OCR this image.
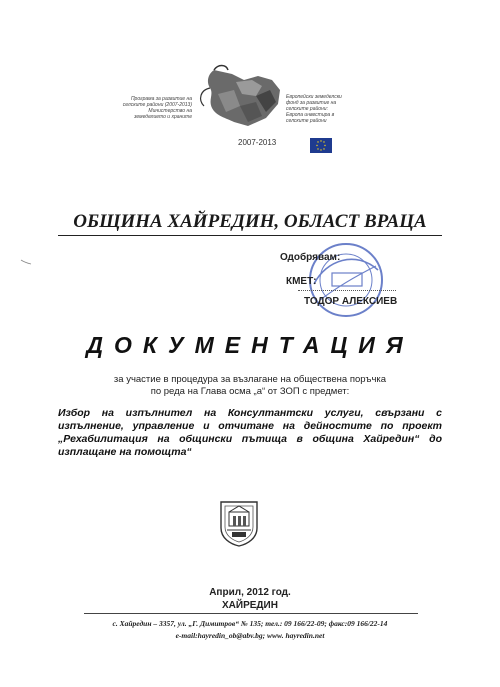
Програма за развитие на селските райони (2007-2013) Министерство на земеделието и храните
2007-2013
Европейски земеделски фонд за развитие на селските райони: Европа инвестира в селските райони
ОБЩИНА ХАЙРЕДИН, ОБЛАСТ ВРАЦА
Одобрявам:
КМЕТ:
ТОДОР АЛЕКСИЕВ
ДОКУМЕНТАЦИЯ

за участие в процедура за възлагане на обществена поръчка

по реда на Глава осма „а“ от ЗОП с предмет:

Избор на изпълнител на Консултантски услуги, свързани с изпълнение, управление и отчитане на дейностите по проект „Рехабилитация на общински пътища в община Хайредин“ до изплащане на помощта“

Април, 2012 год.
ХАЙРЕДИН
с. Хайредин – 3357, ул. „Г. Димитров“ № 135; тел.: 09 166/22-09; факс:09 166/22-14
e-mail:hayredin_ob@abv.bg; www. hayredin.net
